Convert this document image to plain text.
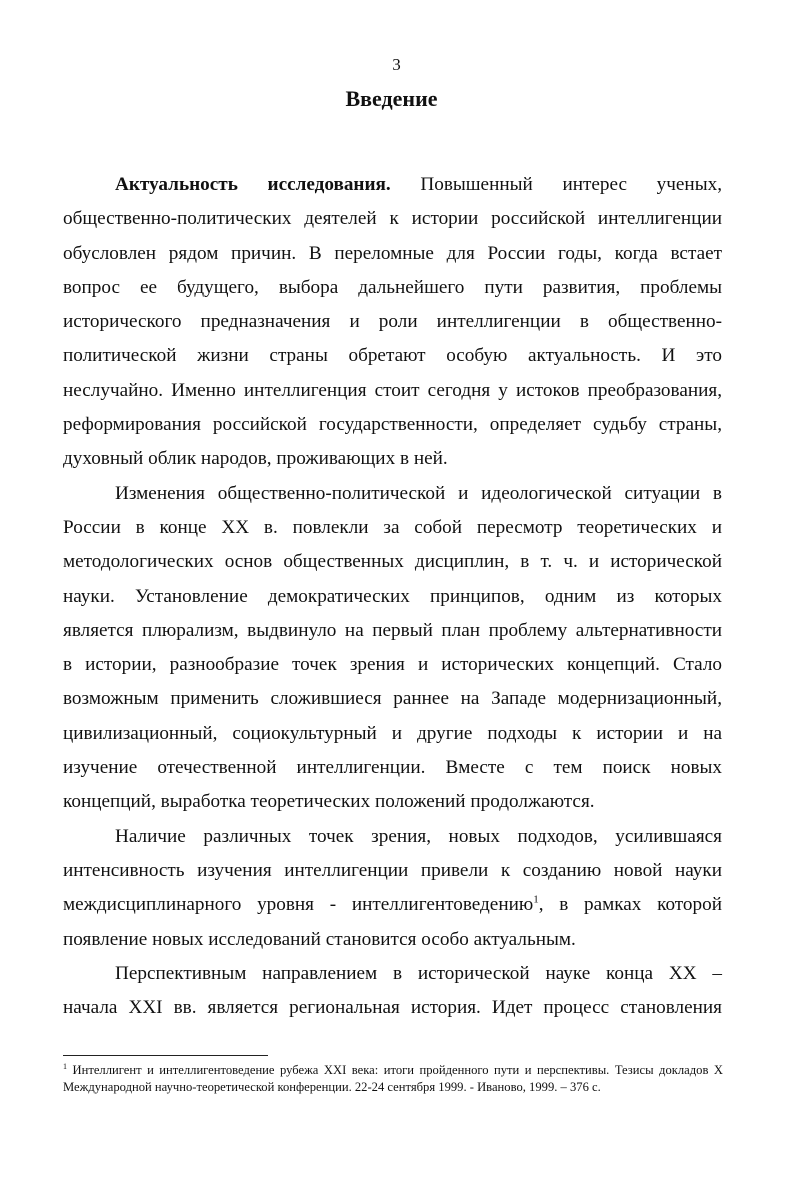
3
Введение
Актуальность исследования. Повышенный интерес ученых,
общественно-политических деятелей к истории российской интеллигенции
обусловлен рядом причин. В переломные для России годы, когда встает
вопрос ее будущего, выбора дальнейшего пути развития, проблемы
исторического предназначения и роли интеллигенции в общественно-
политической жизни страны обретают особую актуальность. И это
неслучайно. Именно интеллигенция стоит сегодня у истоков преобразования,
реформирования российской государственности, определяет судьбу страны,
духовный облик народов, проживающих в ней.
Изменения общественно-политической и идеологической ситуации в
России в конце XX в. повлекли за собой пересмотр теоретических и
методологических основ общественных дисциплин, в т. ч. и исторической
науки. Установление демократических принципов, одним из которых
является плюрализм, выдвинуло на первый план проблему альтернативности
в истории, разнообразие точек зрения и исторических концепций. Стало
возможным применить сложившиеся раннее на Западе модернизационный,
цивилизационный, социокультурный и другие подходы к истории и на
изучение отечественной интеллигенции. Вместе с тем поиск новых
концепций, выработка теоретических положений продолжаются.
Наличие различных точек зрения, новых подходов, усилившаяся
интенсивность изучения интеллигенции привели к созданию новой науки
междисциплинарного уровня - интеллигентоведению$^1$, в рамках которой
появление новых исследований становится особо актуальным.
Перспективным направлением в исторической науке конца XX –
начала XXI вв. является региональная история. Идет процесс становления
$^1$ Интеллигент и интеллигентоведение рубежа XXI века: итоги пройденного пути и перспективы. Тезисы докладов X Международной научно-теоретической конференции. 22-24 сентября 1999. - Иваново, 1999. – 376 с.
